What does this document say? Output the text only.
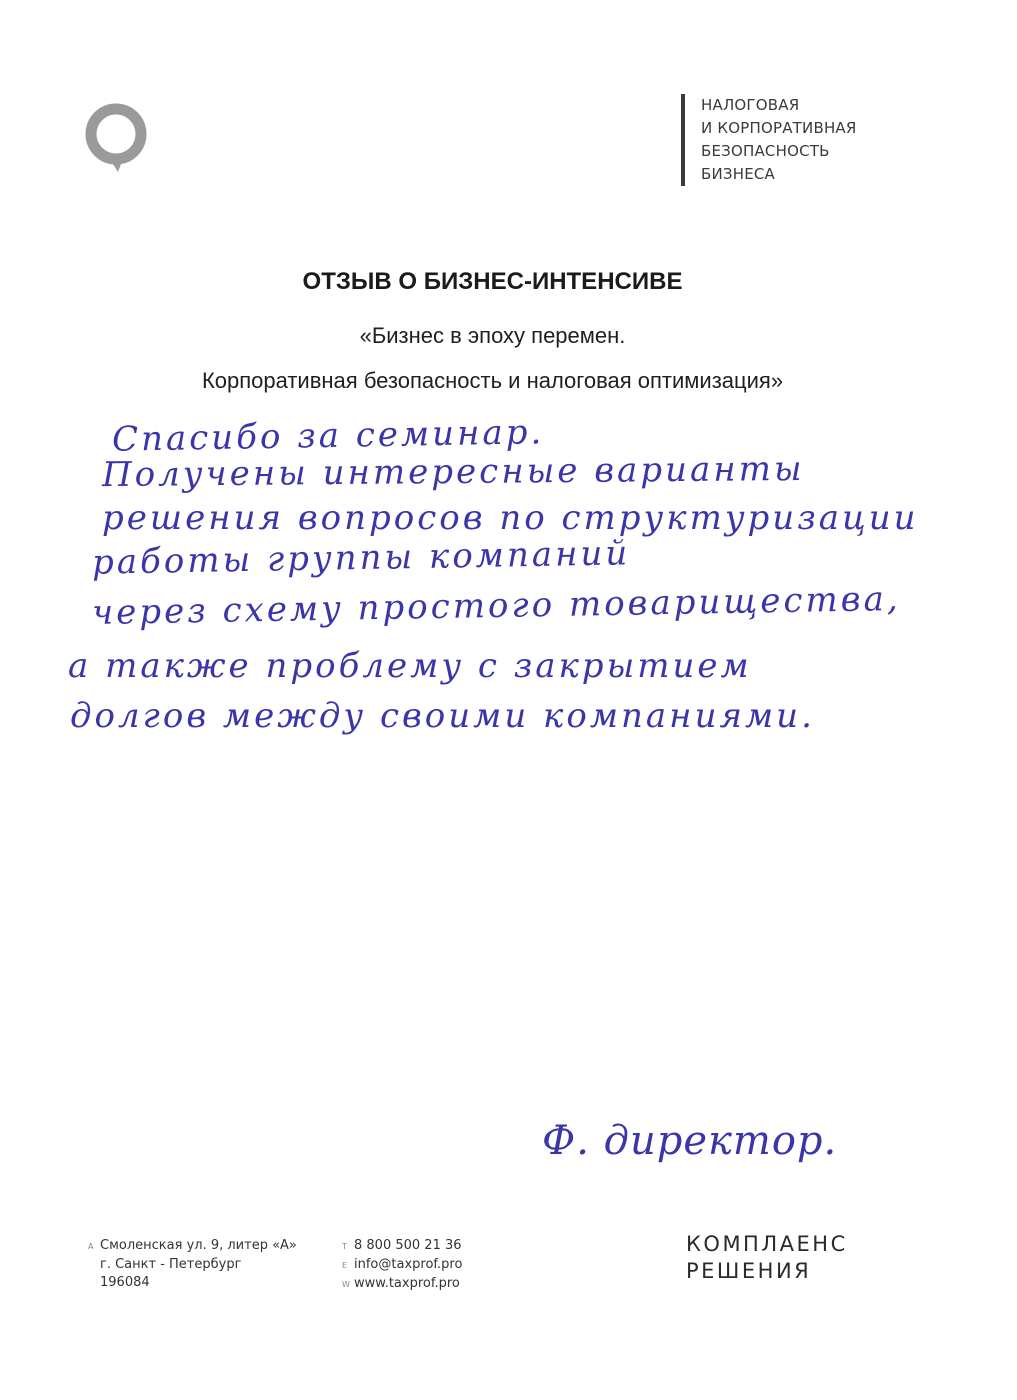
НАЛОГОВАЯ
И КОРПОРАТИВНАЯ
БЕЗОПАСНОСТЬ
БИЗНЕСА
ОТЗЫВ О БИЗНЕС-ИНТЕНСИВЕ
«Бизнес в эпоху перемен.
Корпоративная безопасность и налоговая оптимизация»
Спасибо за семинар.
Получены интересные варианты
решения вопросов по структуризации
работы группы компаний
через схему простого товарищества,
а также проблему с закрытием
долгов между своими компаниями.
Ф. директор.
A Смоленская ул. 9, литер «А»
г. Санкт - Петербург
196084
T 8 800 500 21 36
E info@taxprof.pro
W www.taxprof.pro
КОМПЛАЕНС
РЕШЕНИЯ
